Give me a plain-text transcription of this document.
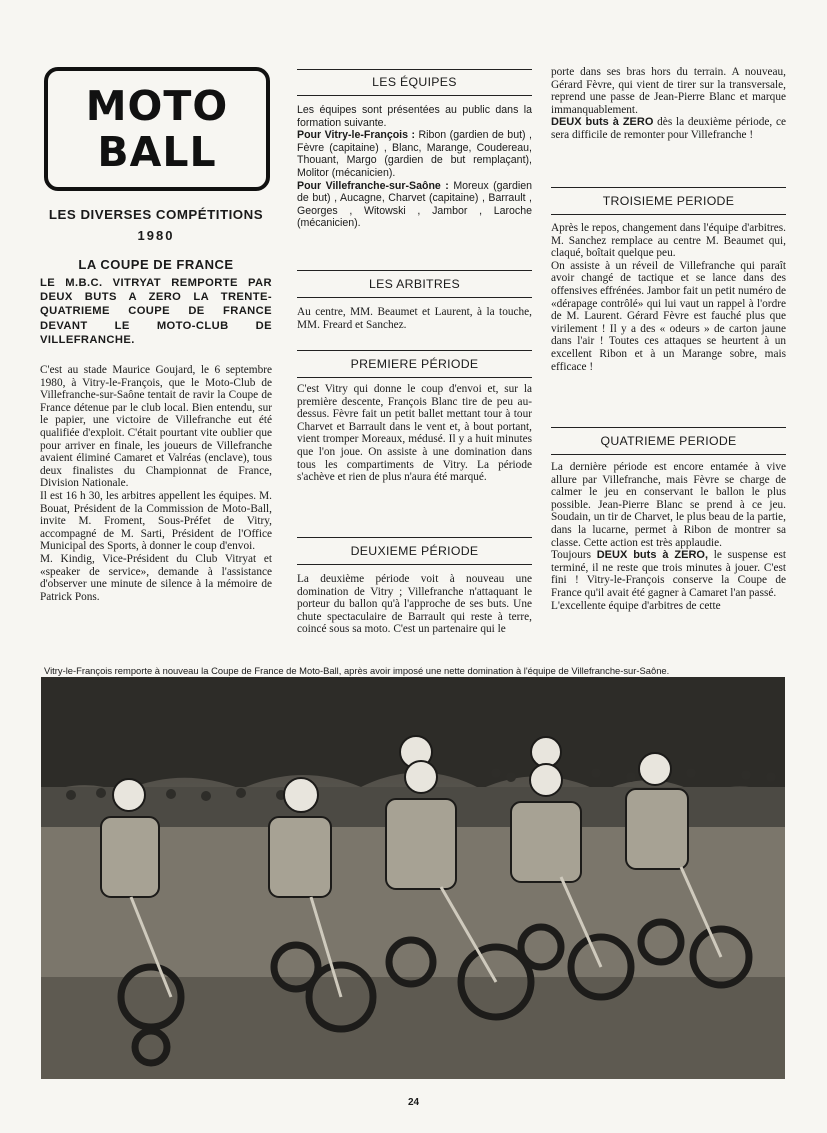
MOTO
BALL
LES DIVERSES COMPÉTITIONS
1980
LA COUPE DE FRANCE

LE M.B.C. VITRYAT REMPORTE PAR DEUX BUTS A ZERO LA TRENTE-QUATRIEME COUPE DE FRANCE DEVANT LE MOTO-CLUB DE VILLEFRANCHE.

C'est au stade Maurice Goujard, le 6 septembre 1980, à Vitry-le-François, que le Moto-Club de Villefranche-sur-Saône tentait de ravir la Coupe de France détenue par le club local. Bien entendu, sur le papier, une victoire de Villefranche eut été qualifiée d'exploit. C'était pourtant vite oublier que pour arriver en finale, les joueurs de Villefranche avaient éliminé Camaret et Valréas (enclave), tous deux finalistes du Championnat de France, Division Nationale.

Il est 16 h 30, les arbitres appellent les équipes. M. Bouat, Président de la Commission de Moto-Ball, invite M. Froment, Sous-Préfet de Vitry, accompagné de M. Sarti, Président de l'Office Municipal des Sports, à donner le coup d'envoi.

M. Kindig, Vice-Président du Club Vitryat et «speaker de service», demande à l'assistance d'observer une minute de silence à la mémoire de Patrick Pons.

LES ÉQUIPES

Les équipes sont présentées au public dans la formation suivante.

Pour Vitry-le-François : Ribon (gardien de but) , Fèvre (capitaine) , Blanc, Marange, Coudereau, Thouant, Margo (gardien de but remplaçant), Molitor (mécanicien).

Pour Villefranche-sur-Saône : Moreux (gardien de but) , Aucagne, Charvet (capitaine) , Barrault , Georges , Witowski , Jambor , Laroche (mécanicien).

LES ARBITRES

Au centre, MM. Beaumet et Laurent, à la touche, MM. Freard et Sanchez.

PREMIERE PÉRIODE

C'est Vitry qui donne le coup d'envoi et, sur la première descente, François Blanc tire de peu au-dessus. Fèvre fait un petit ballet mettant tour à tour Charvet et Barrault dans le vent et, à bout portant, vient tromper Moreaux, médusé. Il y a huit minutes que l'on joue. On assiste à une domination dans tous les compartiments de Vitry. La période s'achève et rien de plus n'aura été marqué.

DEUXIEME PÉRIODE

La deuxième période voit à nouveau une domination de Vitry ; Villefranche n'attaquant le porteur du ballon qu'à l'approche de ses buts. Une chute spectaculaire de Barrault qui reste à terre, coincé sous sa moto. C'est un partenaire qui le

porte dans ses bras hors du terrain. A nouveau, Gérard Fèvre, qui vient de tirer sur la transversale, reprend une passe de Jean-Pierre Blanc et marque immanquablement.

DEUX buts à ZERO dès la deuxième période, ce sera difficile de remonter pour Villefranche !

TROISIEME PERIODE

Après le repos, changement dans l'équipe d'arbitres. M. Sanchez remplace au centre M. Beaumet qui, claqué, boîtait quelque peu.

On assiste à un réveil de Villefranche qui paraît avoir changé de tactique et se lance dans des offensives effrénées. Jambor fait un petit numéro de «dérapage contrôlé» qui lui vaut un rappel à l'ordre de M. Laurent. Gérard Fèvre est fauché plus que virilement ! Il y a des « odeurs » de carton jaune dans l'air ! Toutes ces attaques se heurtent à un excellent Ribon et à un Marange sobre, mais efficace !

QUATRIEME PERIODE

La dernière période est encore entamée à vive allure par Villefranche, mais Fèvre se charge de calmer le jeu en conservant le ballon le plus possible. Jean-Pierre Blanc se prend à ce jeu. Soudain, un tir de Charvet, le plus beau de la partie, dans la lucarne, permet à Ribon de montrer sa classe. Cette action est très applaudie.

Toujours DEUX buts à ZERO, le suspense est terminé, il ne reste que trois minutes à jouer. C'est fini ! Vitry-le-François conserve la Coupe de France qu'il avait été gagner à Camaret l'an passé.

L'excellente équipe d'arbitres de cette

Vitry-le-François remporte à nouveau la Coupe de France de Moto-Ball, après avoir imposé une nette domination à l'équipe de Villefranche-sur-Saône.
24
